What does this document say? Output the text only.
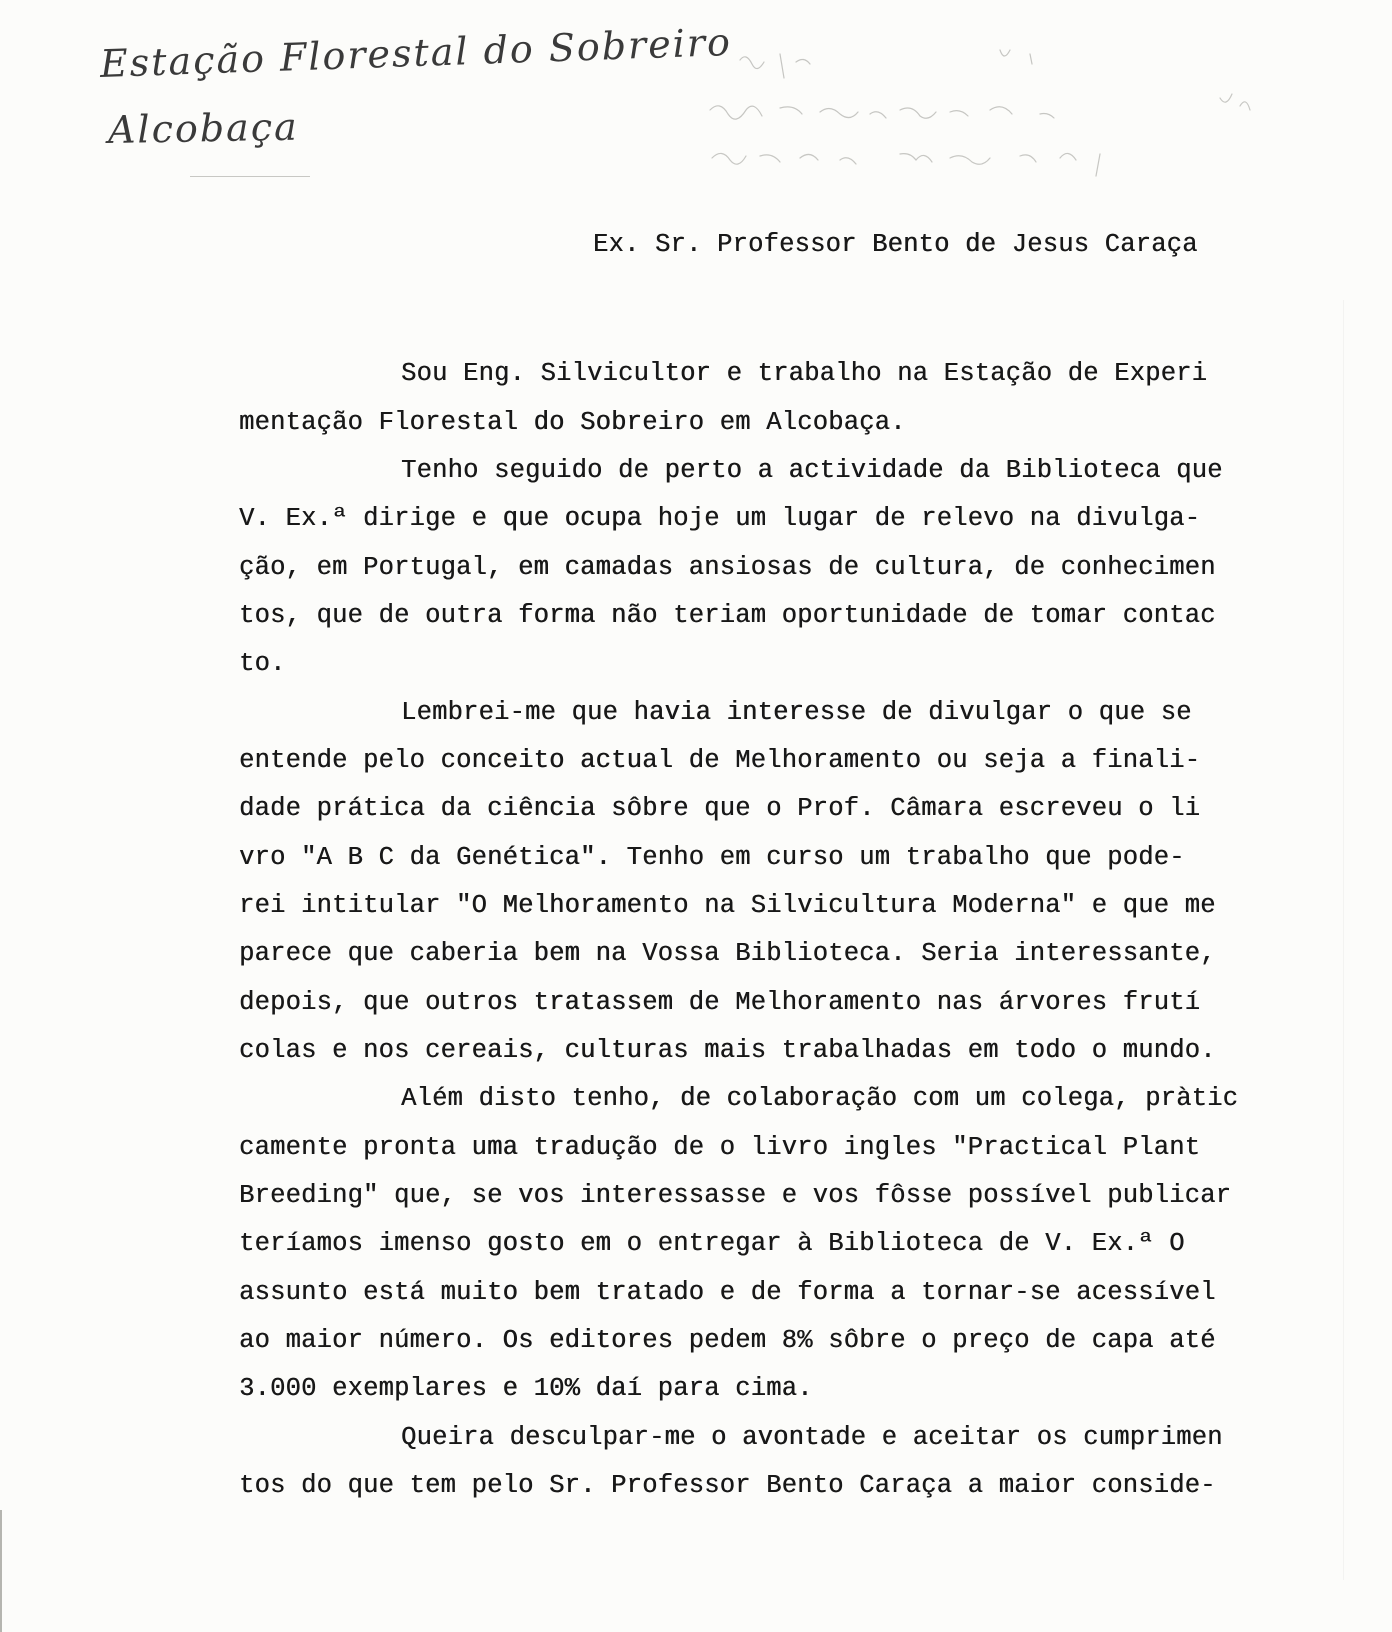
Estação Florestal do Sobreiro
Alcobaça

Ex. Sr. Professor Bento de Jesus Caraça

Sou Eng. Silvicultor e trabalho na Estação de Experi

mentação Florestal do Sobreiro em Alcobaça.

Tenho seguido de perto a actividade da Biblioteca que

V. Ex.ª dirige e que ocupa hoje um lugar de relevo na divulga-

ção, em Portugal, em camadas ansiosas de cultura, de conhecimen

tos, que de outra forma não teriam oportunidade de tomar contac

to.

Lembrei-me que havia interesse de divulgar o que se

entende pelo conceito actual de Melhoramento ou seja a finali-

dade prática da ciência sôbre que o Prof. Câmara escreveu o li

vro "A B C da Genética". Tenho em curso um trabalho que pode-

rei intitular "O Melhoramento na Silvicultura Moderna" e que me

parece que caberia bem na Vossa Biblioteca. Seria interessante,

depois, que outros tratassem de Melhoramento nas árvores frutí

colas e nos cereais, culturas mais trabalhadas em todo o mundo.

Além disto tenho, de colaboração com um colega, pràtic

camente pronta uma tradução de o livro ingles "Practical Plant

Breeding" que, se vos interessasse e vos fôsse possível publicar

teríamos imenso gosto em o entregar à Biblioteca de V. Ex.ª O

assunto está muito bem tratado e de forma a tornar-se acessível

ao maior número. Os editores pedem 8% sôbre o preço de capa até

3.000 exemplares e 10% daí para cima.

Queira desculpar-me o avontade e aceitar os cumprimen

tos do que tem pelo Sr. Professor Bento Caraça a maior conside-
